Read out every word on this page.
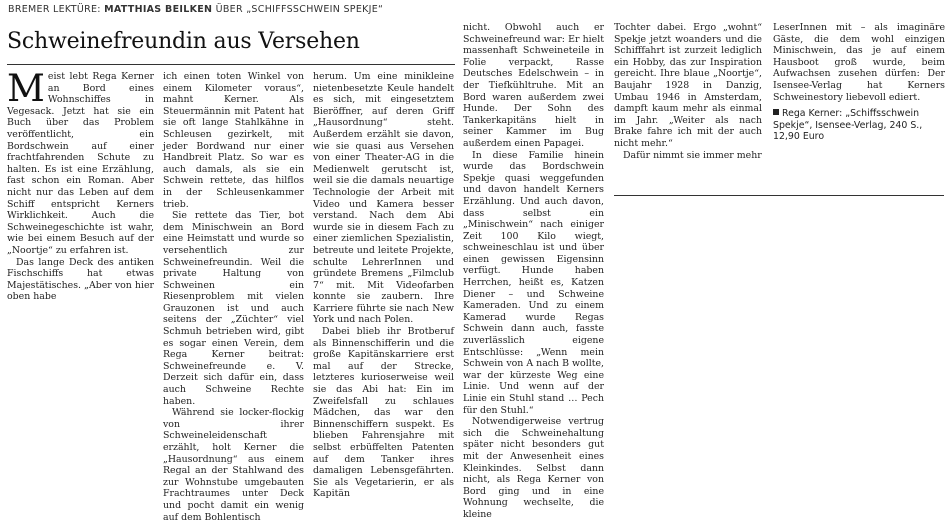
BREMER LEKTÜRE: MATTHIAS BEILKEN ÜBER „SCHIFFSSCHWEIN SPEKJE“
Schweinefreundin aus Versehen

Meist lebt Rega Kerner an Bord eines Wohnschiffes in Vegesack. Jetzt hat sie ein Buch über das Problem veröffentlicht, ein Bordschwein auf einer frachtfahrenden Schute zu halten. Es ist eine Erzählung, fast schon ein Roman. Aber nicht nur das Leben auf dem Schiff entspricht Kerners Wirklichkeit. Auch die Schweinegeschichte ist wahr, wie bei einem Besuch auf der „Noortje“ zu erfahren ist.

Das lange Deck des antiken Fischschiffs hat etwas Majestätisches. „Aber von hier oben habe

ich einen toten Winkel von einem Kilometer voraus“, mahnt Kerner. Als Steuermännin mit Patent hat sie oft lange Stahlkähne in Schleusen gezirkelt, mit jeder Bordwand nur einer Handbreit Platz. So war es auch damals, als sie ein Schwein rettete, das hilflos in der Schleusenkammer trieb.

Sie rettete das Tier, bot dem Minischwein an Bord eine Heimstatt und wurde so versehentlich zur Schweinefreundin. Weil die private Haltung von Schweinen ein Riesenproblem mit vielen Grauzonen ist und auch seitens der „Züchter“ viel Schmuh betrieben wird, gibt es sogar einen Verein, dem Rega Kerner beitrat: Schweinefreunde e. V. Derzeit sich dafür ein, dass auch Schweine Rechte haben.

Während sie locker-flockig von ihrer Schweineleidenschaft erzählt, holt Kerner die „Hausordnung“ aus einem Regal an der Stahlwand des zur Wohnstube umgebauten Frachtraumes unter Deck und pocht damit ein wenig auf dem Bohlentisch

herum. Um eine minikleine nietenbesetzte Keule handelt es sich, mit eingesetztem Bieröffner, auf deren Griff „Hausordnung“ steht. Außerdem erzählt sie davon, wie sie quasi aus Versehen von einer Theater-AG in die Medienwelt gerutscht ist, weil sie die damals neuartige Technologie der Arbeit mit Video und Kamera besser verstand. Nach dem Abi wurde sie in diesem Fach zu einer ziemlichen Spezialistin, betreute und leitete Projekte, schulte LehrerInnen und gründete Bremens „Filmclub 7“ mit. Mit Videofarben konnte sie zaubern. Ihre Karriere führte sie nach New York und nach Polen.

Dabei blieb ihr Brotberuf als Binnenschifferin und die große Kapitänskarriere erst mal auf der Strecke, letzteres kurioserweise weil sie das Abi hat: Ein im Zweifelsfall zu schlaues Mädchen, das war den Binnenschiffern suspekt. Es blieben Fahrensjahre mit selbst erbüffelten Patenten auf dem Tanker ihres damaligen Lebensgefährten. Sie als Vegetarierin, er als Kapitän

nicht. Obwohl auch er Schweinefreund war: Er hielt massenhaft Schweineteile in Folie verpackt, Rasse Deutsches Edelschwein – in der Tiefkühltruhe. Mit an Bord waren außerdem zwei Hunde. Der Sohn des Tankerkapitäns hielt in seiner Kammer im Bug außerdem einen Papagei.

In diese Familie hinein wurde das Bordschwein Spekje quasi weggefunden und davon handelt Kerners Erzählung. Und auch davon, dass selbst ein „Minischwein“ nach einiger Zeit 100 Kilo wiegt, schweineschlau ist und über einen gewissen Eigensinn verfügt. Hunde haben Herrchen, heißt es, Katzen Diener – und Schweine Kameraden. Und zu einem Kamerad wurde Regas Schwein dann auch, fasste zuverlässlich eigene Entschlüsse: „Wenn mein Schwein von A nach B wollte, war der kürzeste Weg eine Linie. Und wenn auf der Linie ein Stuhl stand … Pech für den Stuhl.“

Notwendigerweise vertrug sich die Schweinehaltung später nicht besonders gut mit der Anwesenheit eines Kleinkindes. Selbst dann nicht, als Rega Kerner von Bord ging und in eine Wohnung wechselte, die kleine

Tochter dabei. Ergo „wohnt“ Spekje jetzt woanders und die Schifffahrt ist zurzeit lediglich ein Hobby, das zur Inspiration gereicht. Ihre blaue „Noortje“, Baujahr 1928 in Danzig, Umbau 1946 in Amsterdam, dampft kaum mehr als einmal im Jahr. „Weiter als nach Brake fahre ich mit der auch nicht mehr.“

Dafür nimmt sie immer mehr

LeserInnen mit – als imaginäre Gäste, die dem wohl einzigen Minischwein, das je auf einem Hausboot groß wurde, beim Aufwachsen zusehen dürfen: Der Isensee-Verlag hat Kerners Schweinestory liebevoll ediert.

Rega Kerner: „Schiffsschwein Spekje“, Isensee-Verlag, 240 S., 12,90 Euro
